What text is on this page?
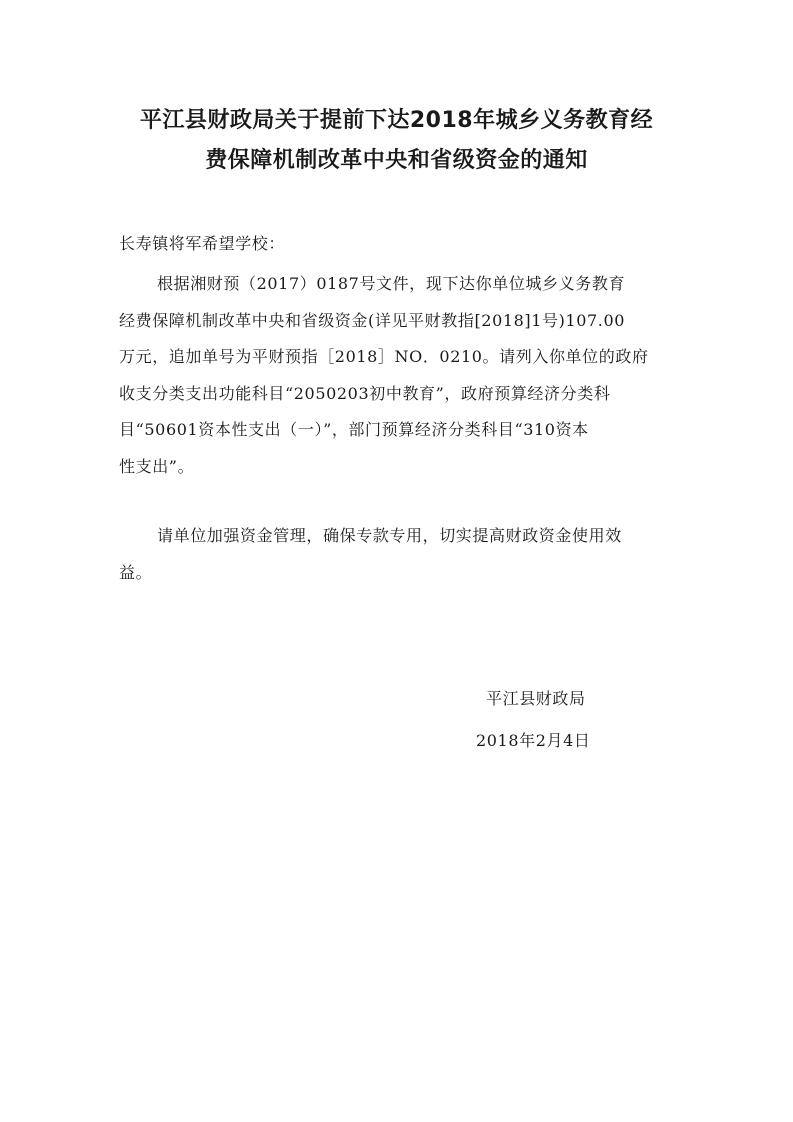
平江县财政局关于提前下达2018年城乡义务教育经
费保障机制改革中央和省级资金的通知
长寿镇将军希望学校：
根据湘财预（2017）0187号文件，现下达你单位城乡义务教育
经费保障机制改革中央和省级资金(详见平财教指[2018]1号)107.00
万元，追加单号为平财预指［2018］NO．0210。请列入你单位的政府
收支分类支出功能科目“2050203初中教育”，政府预算经济分类科
目“50601资本性支出（一）”，部门预算经济分类科目“310资本
性支出”。
请单位加强资金管理，确保专款专用，切实提高财政资金使用效
益。
平江县财政局
2018年2月4日
